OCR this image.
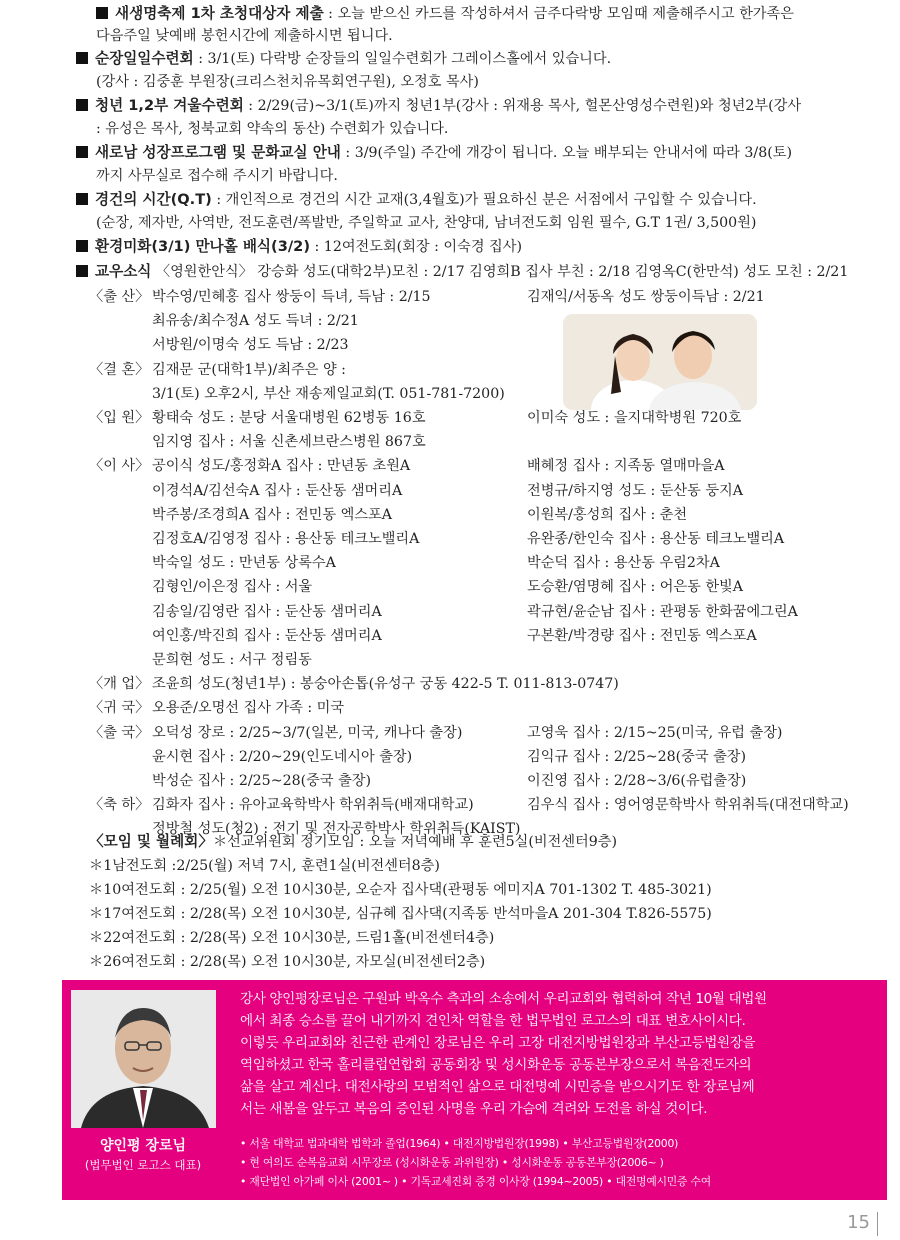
새생명축제 1차 초청대상자 제출 : 오늘 받으신 카드를 작성하셔서 금주다락방 모임때 제출해주시고 한가족은
다음주일 낮예배 봉헌시간에 제출하시면 됩니다.
순장일일수련회 : 3/1(토) 다락방 순장들의 일일수련회가 그레이스홀에서 있습니다.
(강사 : 김중훈 부원장(크리스천치유목회연구원), 오정호 목사)
청년 1,2부 겨울수련회 : 2/29(금)~3/1(토)까지 청년1부(강사 : 위재용 목사, 헐몬산영성수련원)와 청년2부(강사
: 유성은 목사, 청북교회 약속의 동산) 수련회가 있습니다.
새로남 성장프로그램 및 문화교실 안내 : 3/9(주일) 주간에 개강이 됩니다. 오늘 배부되는 안내서에 따라 3/8(토)
까지 사무실로 접수해 주시기 바랍니다.
경건의 시간(Q.T) : 개인적으로 경건의 시간 교재(3,4월호)가 필요하신 분은 서점에서 구입할 수 있습니다.
(순장, 제자반, 사역반, 전도훈련/폭발반, 주일학교 교사, 찬양대, 남녀전도회 임원 필수, G.T 1권/ 3,500원)
환경미화(3/1) 만나홀 배식(3/2) : 12여전도회(회장 : 이숙경 집사)
교우소식 〈영원한안식〉 강승화 성도(대학2부)모친 : 2/17 김영희B 집사 부친 : 2/18 김영옥C(한만석) 성도 모친 : 2/21
〈출 산〉 박수영/민혜홍 집사 쌍둥이 득녀, 득남 : 2/15	김재익/서동옥 성도 쌍둥이득남 : 2/21
최유송/최수정A 성도 득녀 : 2/21
서방원/이명숙 성도 득남 : 2/23
〈결 혼〉 김재문 군(대학1부)/최주은 양 :
3/1(토) 오후2시, 부산 재송제일교회(T. 051-781-7200)
〈입 원〉 황태숙 성도 : 분당 서울대병원 62병동 16호	이미숙 성도 : 을지대학병원 720호
임지영 집사 : 서울 신촌세브란스병원 867호
〈이 사〉 공이식 성도/홍정화A 집사 : 만년동 초원A	배혜정 집사 : 지족동 열매마을A
이경석A/김선숙A 집사 : 둔산동 샘머리A	전병규/하지영 성도 : 둔산동 둥지A
박주봉/조경희A 집사 : 전민동 엑스포A	이원복/홍성희 집사 : 춘천
김정호A/김영정 집사 : 용산동 테크노밸리A	유완종/한인숙 집사 : 용산동 테크노밸리A
박숙일 성도 : 만년동 상록수A	박순덕 집사 : 용산동 우림2차A
김형인/이은정 집사 : 서울	도승환/염명혜 집사 : 어은동 한빛A
김송일/김영란 집사 : 둔산동 샘머리A	곽규현/윤순남 집사 : 관평동 한화꿈에그린A
여인홍/박진희 집사 : 둔산동 샘머리A	구본환/박경량 집사 : 전민동 엑스포A
문희현 성도 : 서구 정림동
〈개 업〉 조윤희 성도(청년1부) : 봉숭아손톱(유성구 궁동 422-5 T. 011-813-0747)
〈귀 국〉 오용준/오명선 집사 가족 : 미국
〈출 국〉 오덕성 장로 : 2/25~3/7(일본, 미국, 캐나다 출장)	고영욱 집사 : 2/15~25(미국, 유럽 출장)
윤시현 집사 : 2/20~29(인도네시아 출장)	김익규 집사 : 2/25~28(중국 출장)
박성순 집사 : 2/25~28(중국 출장)	이진영 집사 : 2/28~3/6(유럽출장)
〈축 하〉 김화자 집사 : 유아교육학박사 학위취득(배재대학교)	김우식 집사 : 영어영문학박사 학위취득(대전대학교)
정방철 성도(청2) : 전기 및 전자공학박사 학위취득(KAIST)
〈모임 및 월례회〉＊선교위원회 정기모임 : 오늘 저녁예배 후 훈련5실(비전센터9층)
＊1남전도회 :2/25(월) 저녁 7시, 훈련1실(비전센터8층)
＊10여전도회 : 2/25(월) 오전 10시30분, 오순자 집사댁(관평동 에미지A 701-1302 T. 485-3021)
＊17여전도회 : 2/28(목) 오전 10시30분, 심규혜 집사댁(지족동 반석마을A 201-304 T.826-5575)
＊22여전도회 : 2/28(목) 오전 10시30분, 드림1홀(비전센터4층)
＊26여전도회 : 2/28(목) 오전 10시30분, 자모실(비전센터2층)
양인평 장로님
(법무법인 로고스 대표)
강사 양인평장로님은 구원파 박옥수 측과의 소송에서 우리교회와 협력하여 작년 10월 대법원
에서 최종 승소를 끌어 내기까지 견인차 역할을 한 법무법인 로고스의 대표 변호사이시다.
이렇듯 우리교회와 친근한 관계인 장로님은 우리 고장 대전지방법원장과 부산고등법원장을
역임하셨고 한국 홀리클럽연합회 공동회장 및 성시화운동 공동본부장으로서 복음전도자의
삶을 살고 계신다. 대전사랑의 모범적인 삶으로 대전명예 시민증을 받으시기도 한 장로님께
서는 새봄을 앞두고 복음의 증인된 사명을 우리 가슴에 격려와 도전을 하실 것이다.
• 서울 대학교 법과대학 법학과 졸업(1964) • 대전지방법원장(1998) • 부산고등법원장(2000)
• 현 여의도 순복음교회 시무장로 (성시화운동 과위원장) • 성시화운동 공동본부장(2006~ )
• 재단법인 아가페 이사 (2001~ ) • 기독교세진회 증경 이사장 (1994~2005) • 대전명예시민증 수여
15
